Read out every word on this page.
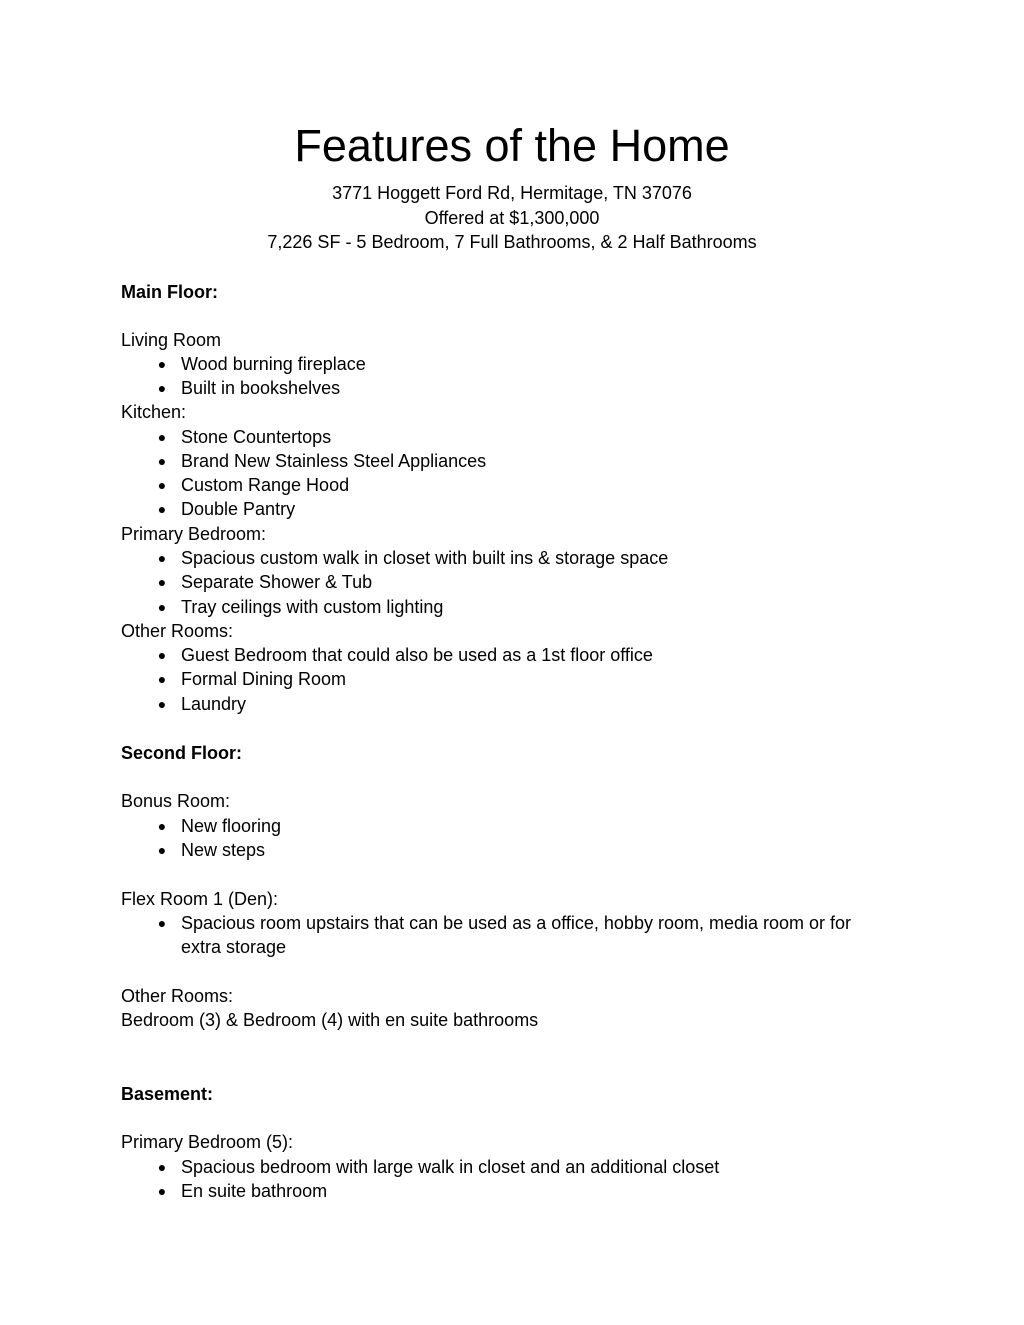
Features of the Home
3771 Hoggett Ford Rd, Hermitage, TN 37076
Offered at $1,300,000
7,226 SF - 5 Bedroom, 7 Full Bathrooms, & 2 Half Bathrooms
Main Floor:
Living Room
● Wood burning fireplace
● Built in bookshelves
Kitchen:
● Stone Countertops
● Brand New Stainless Steel Appliances
● Custom Range Hood
● Double Pantry
Primary Bedroom:
● Spacious custom walk in closet with built ins & storage space
● Separate Shower & Tub
● Tray ceilings with custom lighting
Other Rooms:
● Guest Bedroom that could also be used as a 1st floor office
● Formal Dining Room
● Laundry
Second Floor:
Bonus Room:
● New flooring
● New steps
Flex Room 1 (Den):
● Spacious room upstairs that can be used as a office, hobby room, media room or for extra storage
Other Rooms:
Bedroom (3) & Bedroom (4) with en suite bathrooms
Basement:
Primary Bedroom (5):
● Spacious bedroom with large walk in closet and an additional closet
● En suite bathroom
